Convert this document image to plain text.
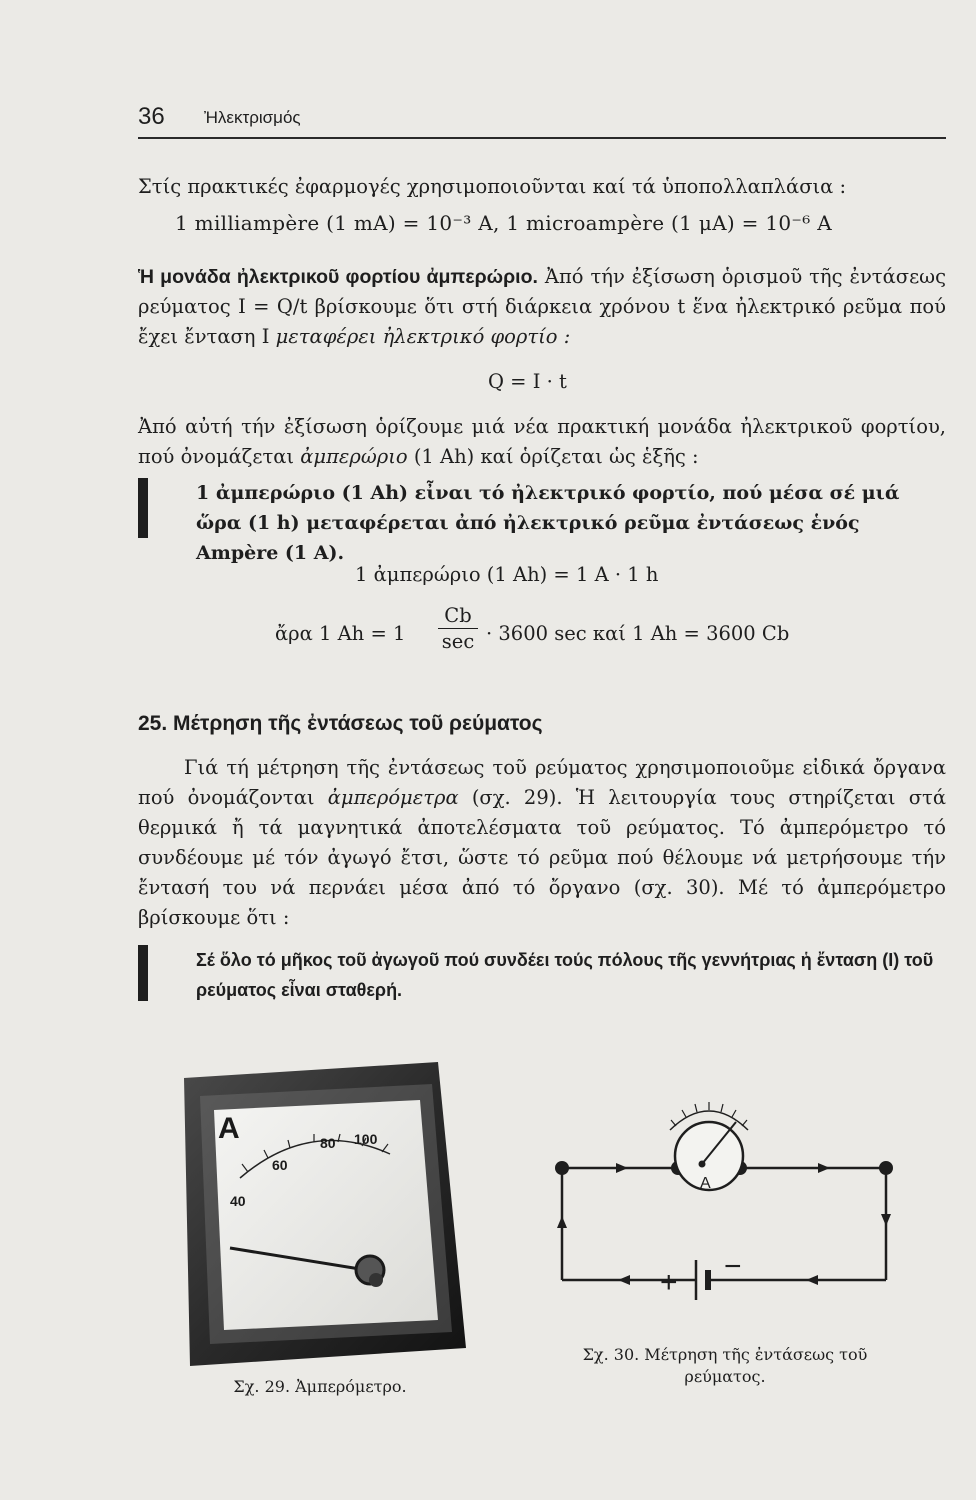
36 Ἠλεκτρισμός

Στίς πρακτικές ἐφαρμογές χρησιμοποιοῦνται καί τά ὑποπολλαπλάσια :

1 milliampère (1 mA) = 10⁻³ A, 1 microampère (1 μA) = 10⁻⁶ A

Ἡ μονάδα ἠλεκτρικοῦ φορτίου ἀμπερώριο. Ἀπό τήν ἐξίσωση ὁρισμοῦ τῆς ἐντάσεως ρεύματος I = Q/t βρίσκουμε ὅτι στή διάρκεια χρόνου t ἕνα ἠλεκτρικό ρεῦμα πού ἔχει ἔνταση I μεταφέρει ἠλεκτρικό φορτίο :

Q = I · t

Ἀπό αὐτή τήν ἐξίσωση ὁρίζουμε μιά νέα πρακτική μονάδα ἠλεκτρικοῦ φορτίου, πού ὀνομάζεται ἀμπερώριο (1 Ah) καί ὁρίζεται ὡς ἑξῆς :

1 ἀμπερώριο (1 Ah) εἶναι τό ἠλεκτρικό φορτίο, πού μέσα σέ μιά ὥρα (1 h) μεταφέρεται ἀπό ἠλεκτρικό ρεῦμα ἐντάσεως ἑνός Ampère (1 A).
1 ἀμπερώριο (1 Ah) = 1 A · 1 h
ἄρα 1 Ah = 1
Cb
sec · 3600 sec καί 1 Ah = 3600 Cb
25. Μέτρηση τῆς ἐντάσεως τοῦ ρεύματος

Γιά τή μέτρηση τῆς ἐντάσεως τοῦ ρεύματος χρησιμοποιοῦμε εἰδικά ὄργανα πού ὀνομάζονται ἀμπερόμετρα (σχ. 29). Ἡ λειτουργία τους στηρίζεται στά θερμικά ἤ τά μαγνητικά ἀποτελέσματα τοῦ ρεύματος. Τό ἀμπερόμετρο τό συνδέουμε μέ τόν ἀγωγό ἔτσι, ὥστε τό ρεῦμα πού θέλουμε νά μετρήσουμε τήν ἔντασή του νά περνάει μέσα ἀπό τό ὄργανο (σχ. 30). Μέ τό ἀμπερόμετρο βρίσκουμε ὅτι :

Σέ ὅλο τό μῆκος τοῦ ἀγωγοῦ πού συνδέει τούς πόλους τῆς γεννήτριας ἡ ἔνταση (I) τοῦ ρεύματος εἶναι σταθερή.
A
40
60
80 100
Σχ. 29. Ἀμπερόμετρο.
A
+ −
Σχ. 30. Μέτρηση τῆς ἐντάσεως τοῦ
ρεύματος.
